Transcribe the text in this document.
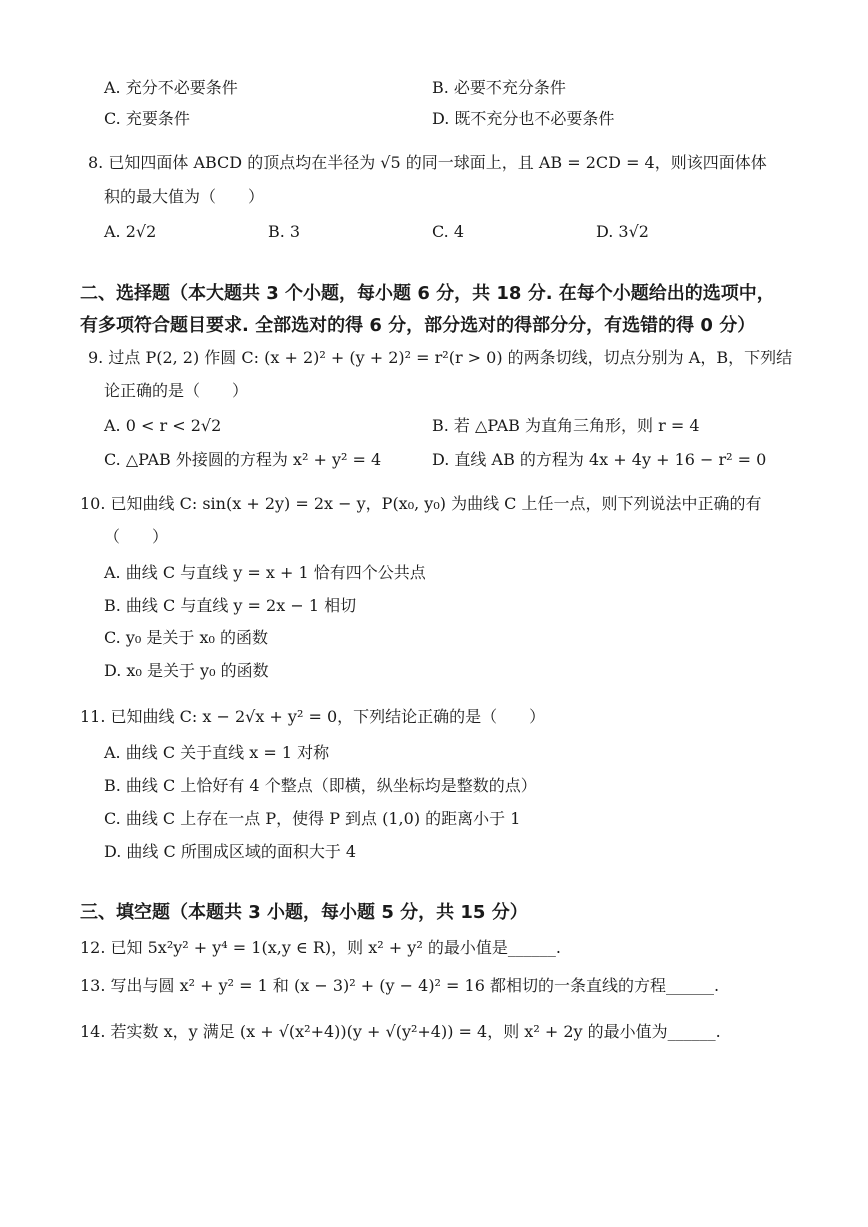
A. 充分不必要条件	B. 必要不充分条件
C. 充要条件	D. 既不充分也不必要条件
8. 已知四面体 ABCD 的顶点均在半径为 √5 的同一球面上，且 AB = 2CD = 4，则该四面体体
积的最大值为（　　）
A. 2√2	B. 3	C. 4	D. 3√2
二、选择题（本大题共 3 个小题，每小题 6 分，共 18 分. 在每个小题给出的选项中，
有多项符合题目要求. 全部选对的得 6 分，部分选对的得部分分，有选错的得 0 分）
9. 过点 P(2, 2) 作圆 C: (x + 2)² + (y + 2)² = r²(r > 0) 的两条切线，切点分别为 A，B，下列结
论正确的是（　　）
A. 0 < r < 2√2	B. 若 △PAB 为直角三角形，则 r = 4
C. △PAB 外接圆的方程为 x² + y² = 4	D. 直线 AB 的方程为 4x + 4y + 16 − r² = 0
10. 已知曲线 C: sin(x + 2y) = 2x − y，P(x₀, y₀) 为曲线 C 上任一点，则下列说法中正确的有
（　　）
A. 曲线 C 与直线 y = x + 1 恰有四个公共点
B. 曲线 C 与直线 y = 2x − 1 相切
C. y₀ 是关于 x₀ 的函数
D. x₀ 是关于 y₀ 的函数
11. 已知曲线 C: x − 2√x + y² = 0，下列结论正确的是（　　）
A. 曲线 C 关于直线 x = 1 对称
B. 曲线 C 上恰好有 4 个整点（即横，纵坐标均是整数的点）
C. 曲线 C 上存在一点 P，使得 P 到点 (1,0) 的距离小于 1
D. 曲线 C 所围成区域的面积大于 4
三、填空题（本题共 3 小题，每小题 5 分，共 15 分）
12. 已知 5x²y² + y⁴ = 1(x,y ∈ R)，则 x² + y² 的最小值是______.
13. 写出与圆 x² + y² = 1 和 (x − 3)² + (y − 4)² = 16 都相切的一条直线的方程______.
14. 若实数 x，y 满足 (x + √(x²+4))(y + √(y²+4)) = 4，则 x² + 2y 的最小值为______.
